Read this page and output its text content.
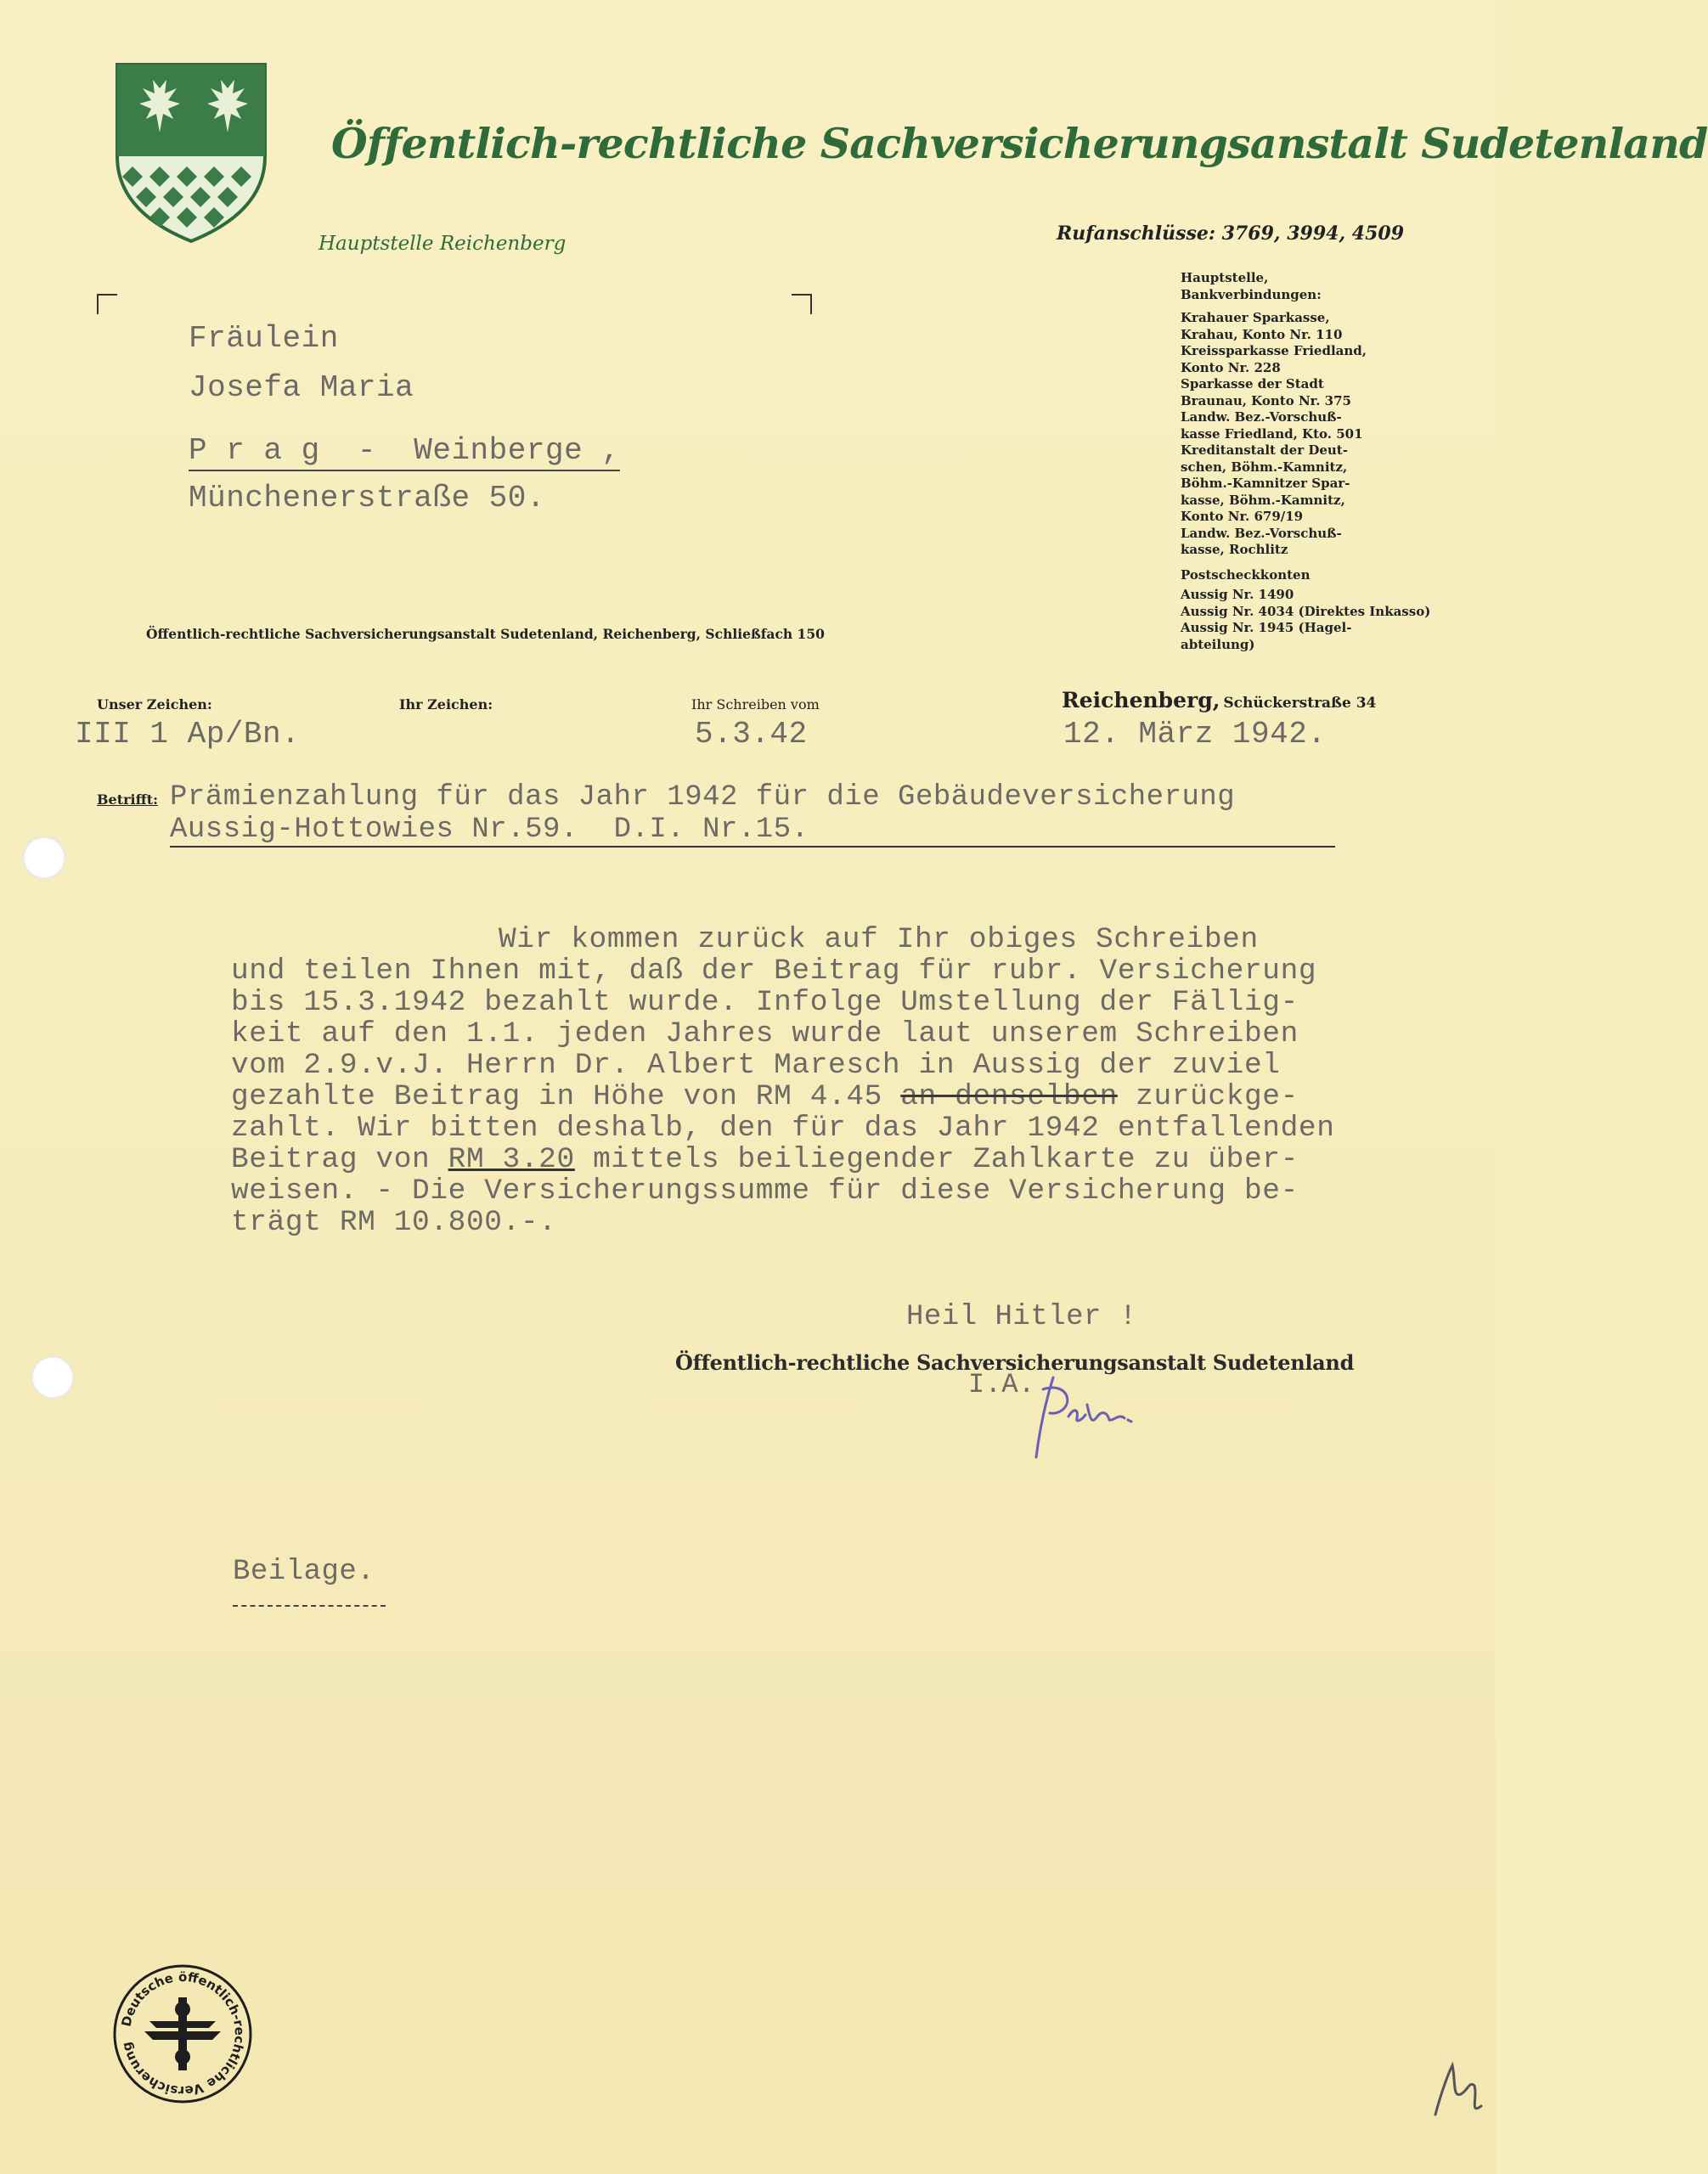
Öffentlich-rechtliche Sachversicherungsanstalt Sudetenland
Hauptstelle Reichenberg	Rufanschlüsse: 3769, 3994, 4509
Hauptstelle, Bankverbindungen:
Krahauer Sparkasse,
Krahau, Konto Nr. 110
Kreissparkasse Friedland,
Konto Nr. 228
Sparkasse der Stadt
Braunau, Konto Nr. 375
Landw. Bez.-Vorschuß-
kasse Friedland, Kto. 501
Kreditanstalt der Deut-
schen, Böhm.-Kamnitz,
Böhm.-Kamnitzer Spar-
kasse, Böhm.-Kamnitz,
Konto Nr. 679/19
Landw. Bez.-Vorschuß-
kasse, Rochlitz
Postscheckkonten
Aussig Nr. 1490
Aussig Nr. 4034 (Direktes Inkasso)
Aussig Nr. 1945 (Hagel-
abteilung)
Fräulein
Josefa Maria
P r a g  -  Weinberge ,
Münchenerstraße 50.
Öffentlich-rechtliche Sachversicherungsanstalt Sudetenland, Reichenberg, Schließfach 150
Unser Zeichen:
III 1 Ap/Bn.
Ihr Zeichen:	Ihr Schreiben vom
5.3.42
Reichenberg, Schückerstraße 34
12. März 1942.
Betrifft: Prämienzahlung für das Jahr 1942 für die Gebäudeversicherung
Aussig-Hottowies Nr.59.  D.I. Nr.15.
Wir kommen zurück auf Ihr obiges Schreiben
und teilen Ihnen mit, daß der Beitrag für rubr. Versicherung
bis 15.3.1942 bezahlt wurde. Infolge Umstellung der Fällig-
keit auf den 1.1. jeden Jahres wurde laut unserem Schreiben
vom 2.9.v.J. Herrn Dr. Albert Maresch in Aussig der zuviel
gezahlte Beitrag in Höhe von RM 4.45 an denselben zurückge-
zahlt. Wir bitten deshalb, den für das Jahr 1942 entfallenden
Beitrag von RM 3.20 mittels beiliegender Zahlkarte zu über-
weisen. - Die Versicherungssumme für diese Versicherung be-
trägt RM 10.800.-.
Heil Hitler !
Öffentlich-rechtliche Sachversicherungsanstalt Sudetenland
I.A.
Beilage.
Deutsche öffentlich-rechtliche Versicherung
